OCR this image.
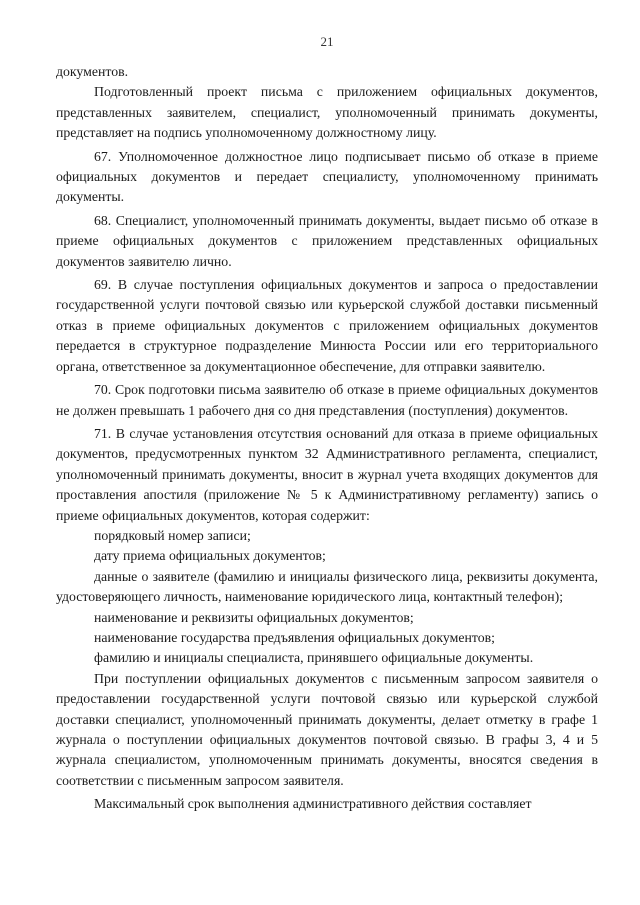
21

документов.

Подготовленный проект письма с приложением официальных документов, представленных заявителем, специалист, уполномоченный принимать документы, представляет на подпись уполномоченному должностному лицу.

67. Уполномоченное должностное лицо подписывает письмо об отказе в приеме официальных документов и передает специалисту, уполномоченному принимать документы.

68. Специалист, уполномоченный принимать документы, выдает письмо об отказе в приеме официальных документов с приложением представленных официальных документов заявителю лично.

69. В случае поступления официальных документов и запроса о предоставлении государственной услуги почтовой связью или курьерской службой доставки письменный отказ в приеме официальных документов с приложением официальных документов передается в структурное подразделение Минюста России или его территориального органа, ответственное за документационное обеспечение, для отправки заявителю.

70. Срок подготовки письма заявителю об отказе в приеме официальных документов не должен превышать 1 рабочего дня со дня представления (поступления) документов.

71. В случае установления отсутствия оснований для отказа в приеме официальных документов, предусмотренных пунктом 32 Административного регламента, специалист, уполномоченный принимать документы, вносит в журнал учета входящих документов для проставления апостиля (приложение № 5 к Административному регламенту) запись о приеме официальных документов, которая содержит:

порядковый номер записи;

дату приема официальных документов;

данные о заявителе (фамилию и инициалы физического лица, реквизиты документа, удостоверяющего личность, наименование юридического лица, контактный телефон);

наименование и реквизиты официальных документов;

наименование государства предъявления официальных документов;

фамилию и инициалы специалиста, принявшего официальные документы.

При поступлении официальных документов с письменным запросом заявителя о предоставлении государственной услуги почтовой связью или курьерской службой доставки специалист, уполномоченный принимать документы, делает отметку в графе 1 журнала о поступлении официальных документов почтовой связью. В графы 3, 4 и 5 журнала специалистом, уполномоченным принимать документы, вносятся сведения в соответствии с письменным запросом заявителя.

Максимальный срок выполнения административного действия составляет
